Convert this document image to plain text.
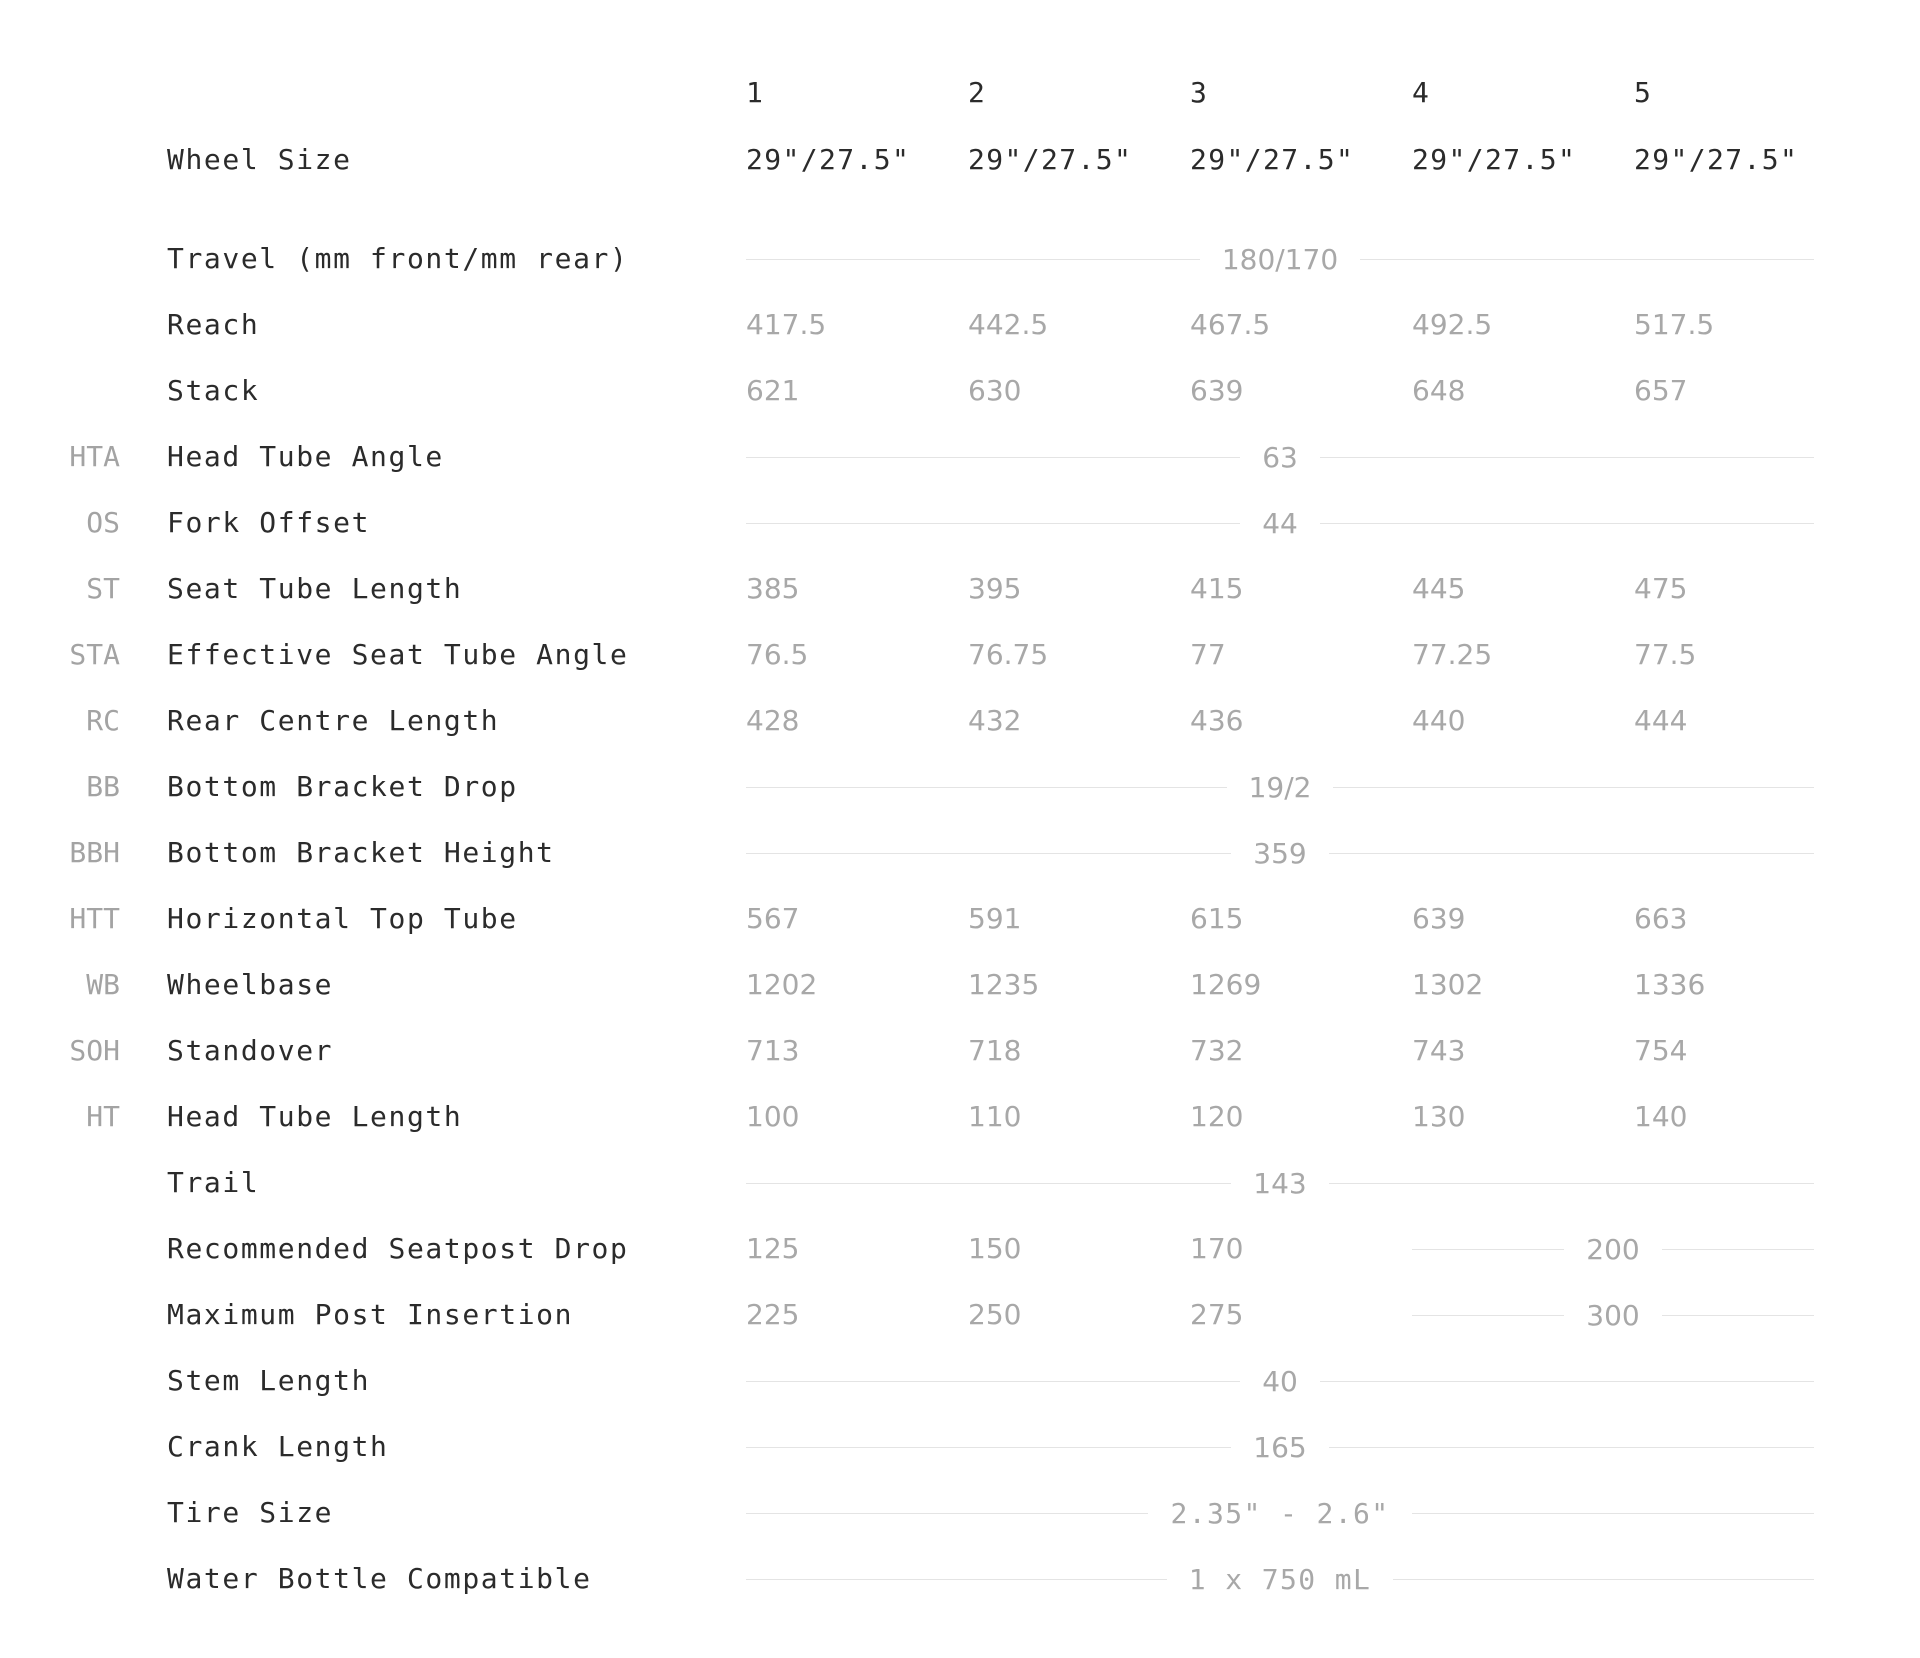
1	2	3	4	5
Wheel Size	29"/27.5" 29"/27.5" 29"/27.5" 29"/27.5" 29"/27.5"
Travel (mm front/mm rear)	180/170
Reach	417.5	442.5	467.5	492.5	517.5
Stack	621	630	639	648	657
HTA Head Tube Angle	63
OS Fork Offset	44
ST Seat Tube Length	385	395	415	445	475
STA Effective Seat Tube Angle	76.5	76.75	77	77.25	77.5
RC Rear Centre Length	428	432	436	440	444
BB Bottom Bracket Drop	19/2
BBH Bottom Bracket Height	359
HTT Horizontal Top Tube	567	591	615	639	663
WB Wheelbase	1202	1235	1269	1302	1336
SOH Standover	713	718	732	743	754
HT Head Tube Length	100	110	120	130	140
Trail	143
Recommended Seatpost Drop	125	150	170	200
Maximum Post Insertion	225	250	275	300
Stem Length	40
Crank Length	165
Tire Size	2.35" - 2.6"
Water Bottle Compatible	1 x 750 mL
